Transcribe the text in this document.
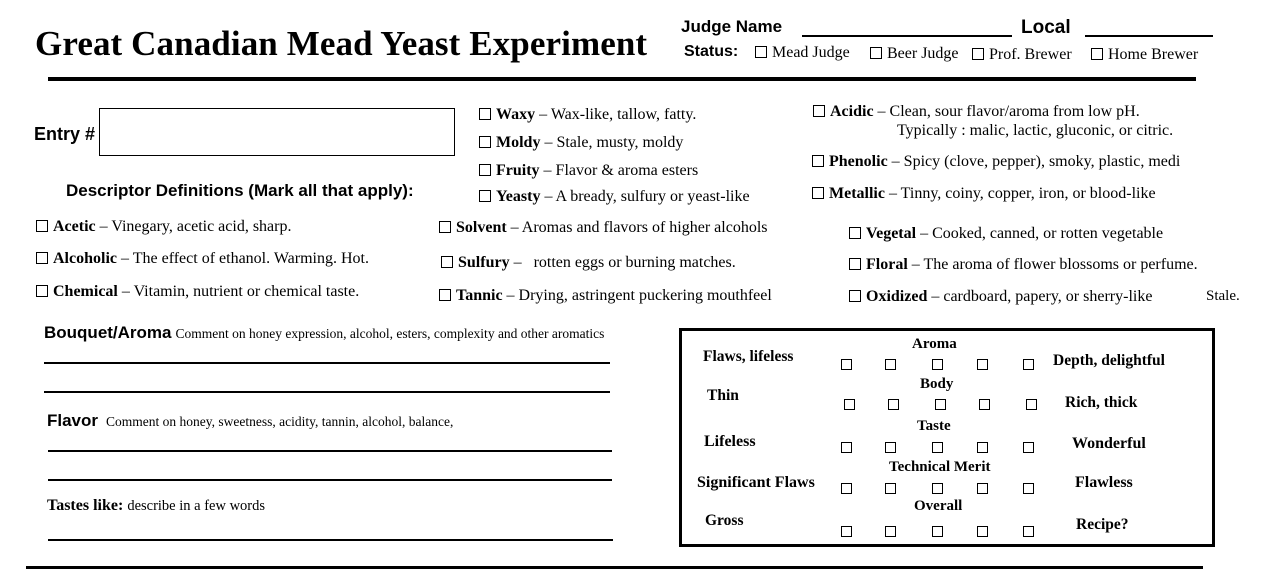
Great Canadian Mead Yeast Experiment Judge Name	Local
Status:	Mead Judge	Beer Judge	Prof. Brewer	Home Brewer
Entry #
Descriptor Definitions (Mark all that apply):
Waxy – Wax-like, tallow, fatty.
Moldy – Stale, musty, moldy
Fruity – Flavor & aroma esters
Yeasty – A bready, sulfury or yeast-like
Acidic – Clean, sour flavor/aroma from low pH.
Typically : malic, lactic, gluconic, or citric.
Phenolic – Spicy (clove, pepper), smoky, plastic, medi
Metallic – Tinny, coiny, copper, iron, or blood-like
Acetic – Vinegary, acetic acid, sharp.
Alcoholic – The effect of ethanol. Warming. Hot.
Chemical – Vitamin, nutrient or chemical taste.
Solvent – Aromas and flavors of higher alcohols
Sulfury –   rotten eggs or burning matches.
Tannic – Drying, astringent puckering mouthfeel
Vegetal – Cooked, canned, or rotten vegetable
Floral – The aroma of flower blossoms or perfume.
Oxidized – cardboard, papery, or sherry-like	Stale.
Bouquet/Aroma Comment on honey expression, alcohol, esters, complexity and other aromatics
Flavor Comment on honey, sweetness, acidity, tannin, alcohol, balance,
Tastes like: describe in a few words
Aroma
Flaws, lifeless	Depth, delightful
Body
Thin	Rich, thick
Taste
Lifeless	Wonderful
Technical Merit
Significant Flaws	Flawless
Overall
Gross	Recipe?
